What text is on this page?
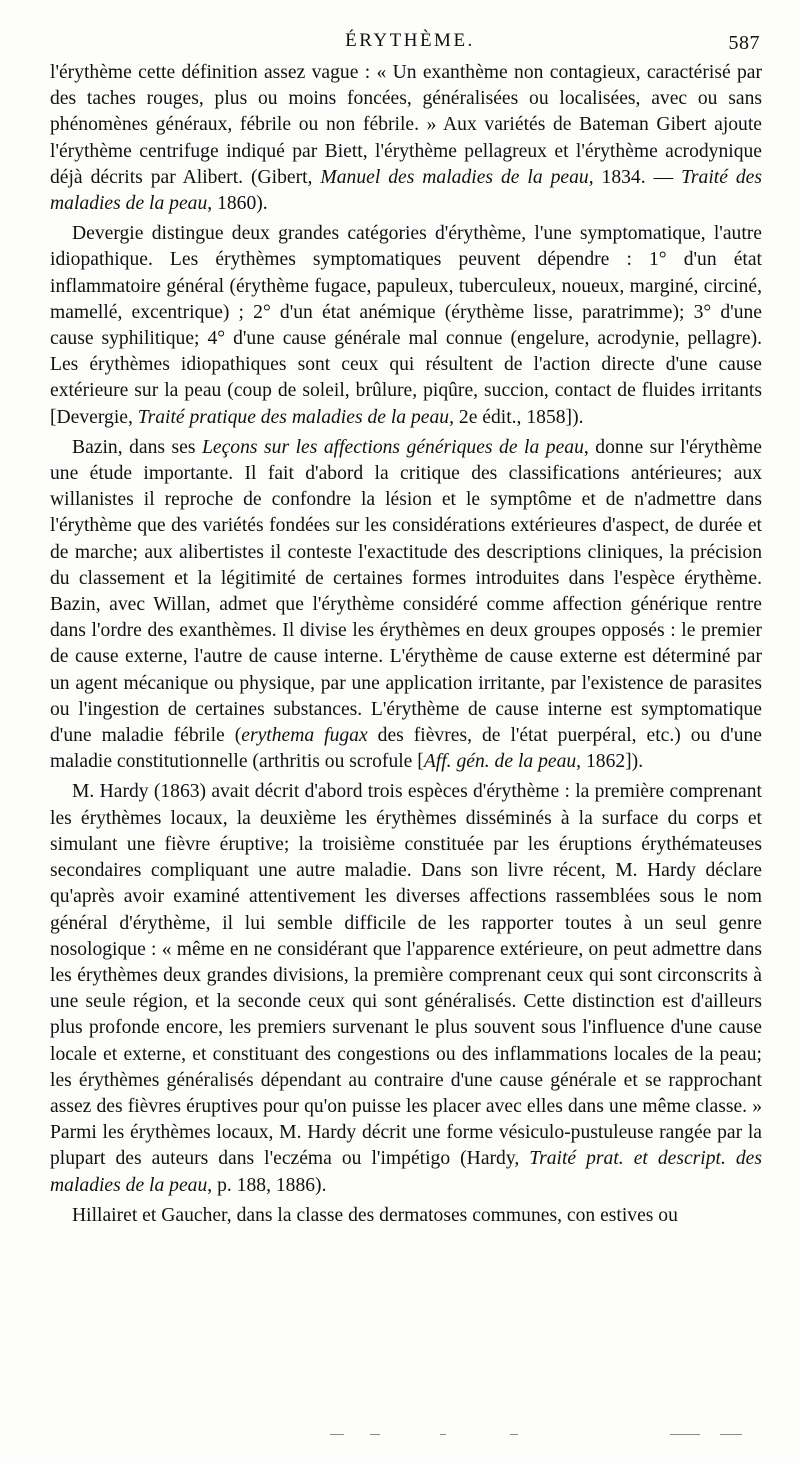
ÉRYTHÈME.	587

l'érythème cette définition assez vague : « Un exanthème non contagieux, caractérisé par des taches rouges, plus ou moins foncées, généralisées ou localisées, avec ou sans phénomènes généraux, fébrile ou non fébrile. » Aux variétés de Bateman Gibert ajoute l'érythème centrifuge indiqué par Biett, l'érythème pellagreux et l'érythème acrodynique déjà décrits par Alibert. (Gibert, Manuel des maladies de la peau, 1834. — Traité des maladies de la peau, 1860).

Devergie distingue deux grandes catégories d'érythème, l'une symptomatique, l'autre idiopathique. Les érythèmes symptomatiques peuvent dépendre : 1° d'un état inflammatoire général (érythème fugace, papuleux, tuberculeux, noueux, marginé, circiné, mamellé, excentrique) ; 2° d'un état anémique (érythème lisse, paratrimme); 3° d'une cause syphilitique; 4° d'une cause générale mal connue (engelure, acrodynie, pellagre). Les érythèmes idiopathiques sont ceux qui résultent de l'action directe d'une cause extérieure sur la peau (coup de soleil, brûlure, piqûre, succion, contact de fluides irritants [Devergie, Traité pratique des maladies de la peau, 2e édit., 1858]).

Bazin, dans ses Leçons sur les affections génériques de la peau, donne sur l'érythème une étude importante. Il fait d'abord la critique des classifications antérieures; aux willanistes il reproche de confondre la lésion et le symptôme et de n'admettre dans l'érythème que des variétés fondées sur les considérations extérieures d'aspect, de durée et de marche; aux alibertistes il conteste l'exactitude des descriptions cliniques, la précision du classement et la légitimité de certaines formes introduites dans l'espèce érythème. Bazin, avec Willan, admet que l'érythème considéré comme affection générique rentre dans l'ordre des exanthèmes. Il divise les érythèmes en deux groupes opposés : le premier de cause externe, l'autre de cause interne. L'érythème de cause externe est déterminé par un agent mécanique ou physique, par une application irritante, par l'existence de parasites ou l'ingestion de certaines substances. L'érythème de cause interne est symptomatique d'une maladie fébrile (erythema fugax des fièvres, de l'état puerpéral, etc.) ou d'une maladie constitutionnelle (arthritis ou scrofule [Aff. gén. de la peau, 1862]).

M. Hardy (1863) avait décrit d'abord trois espèces d'érythème : la première comprenant les érythèmes locaux, la deuxième les érythèmes disséminés à la surface du corps et simulant une fièvre éruptive; la troisième constituée par les éruptions érythémateuses secondaires compliquant une autre maladie. Dans son livre récent, M. Hardy déclare qu'après avoir examiné attentivement les diverses affections rassemblées sous le nom général d'érythème, il lui semble difficile de les rapporter toutes à un seul genre nosologique : « même en ne considérant que l'apparence extérieure, on peut admettre dans les érythèmes deux grandes divisions, la première comprenant ceux qui sont circonscrits à une seule région, et la seconde ceux qui sont généralisés. Cette distinction est d'ailleurs plus profonde encore, les premiers survenant le plus souvent sous l'influence d'une cause locale et externe, et constituant des congestions ou des inflammations locales de la peau; les érythèmes généralisés dépendant au contraire d'une cause générale et se rapprochant assez des fièvres éruptives pour qu'on puisse les placer avec elles dans une même classe. » Parmi les érythèmes locaux, M. Hardy décrit une forme vésiculo-pustuleuse rangée par la plupart des auteurs dans l'eczéma ou l'impétigo (Hardy, Traité prat. et descript. des maladies de la peau, p. 188, 1886).

Hillairet et Gaucher, dans la classe des dermatoses communes, con estives ou
